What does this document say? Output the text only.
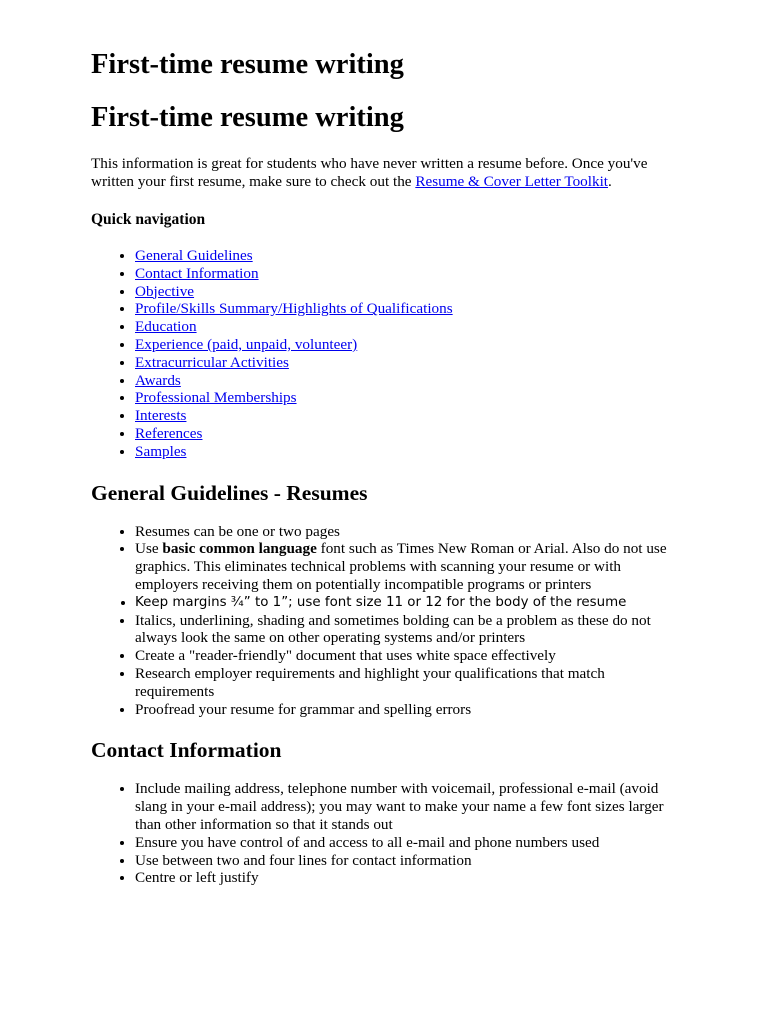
First-time resume writing
First-time resume writing

This information is great for students who have never written a resume before. Once you've written your first resume, make sure to check out the Resume & Cover Letter Toolkit.

Quick navigation
• General Guidelines
• Contact Information
• Objective
• Profile/Skills Summary/Highlights of Qualifications
• Education
• Experience (paid, unpaid, volunteer)
• Extracurricular Activities
• Awards
• Professional Memberships
• Interests
• References
• Samples
General Guidelines - Resumes
• Resumes can be one or two pages
• Use basic common language font such as Times New Roman or Arial. Also do not use graphics. This eliminates technical problems with scanning your resume or with employers receiving them on potentially incompatible programs or printers
• Keep margins ¾” to 1”; use font size 11 or 12 for the body of the resume
• Italics, underlining, shading and sometimes bolding can be a problem as these do not always look the same on other operating systems and/or printers
• Create a "reader-friendly" document that uses white space effectively
• Research employer requirements and highlight your qualifications that match requirements
• Proofread your resume for grammar and spelling errors
Contact Information
• Include mailing address, telephone number with voicemail, professional e-mail (avoid slang in your e-mail address); you may want to make your name a few font sizes larger than other information so that it stands out
• Ensure you have control of and access to all e-mail and phone numbers used
• Use between two and four lines for contact information
• Centre or left justify
